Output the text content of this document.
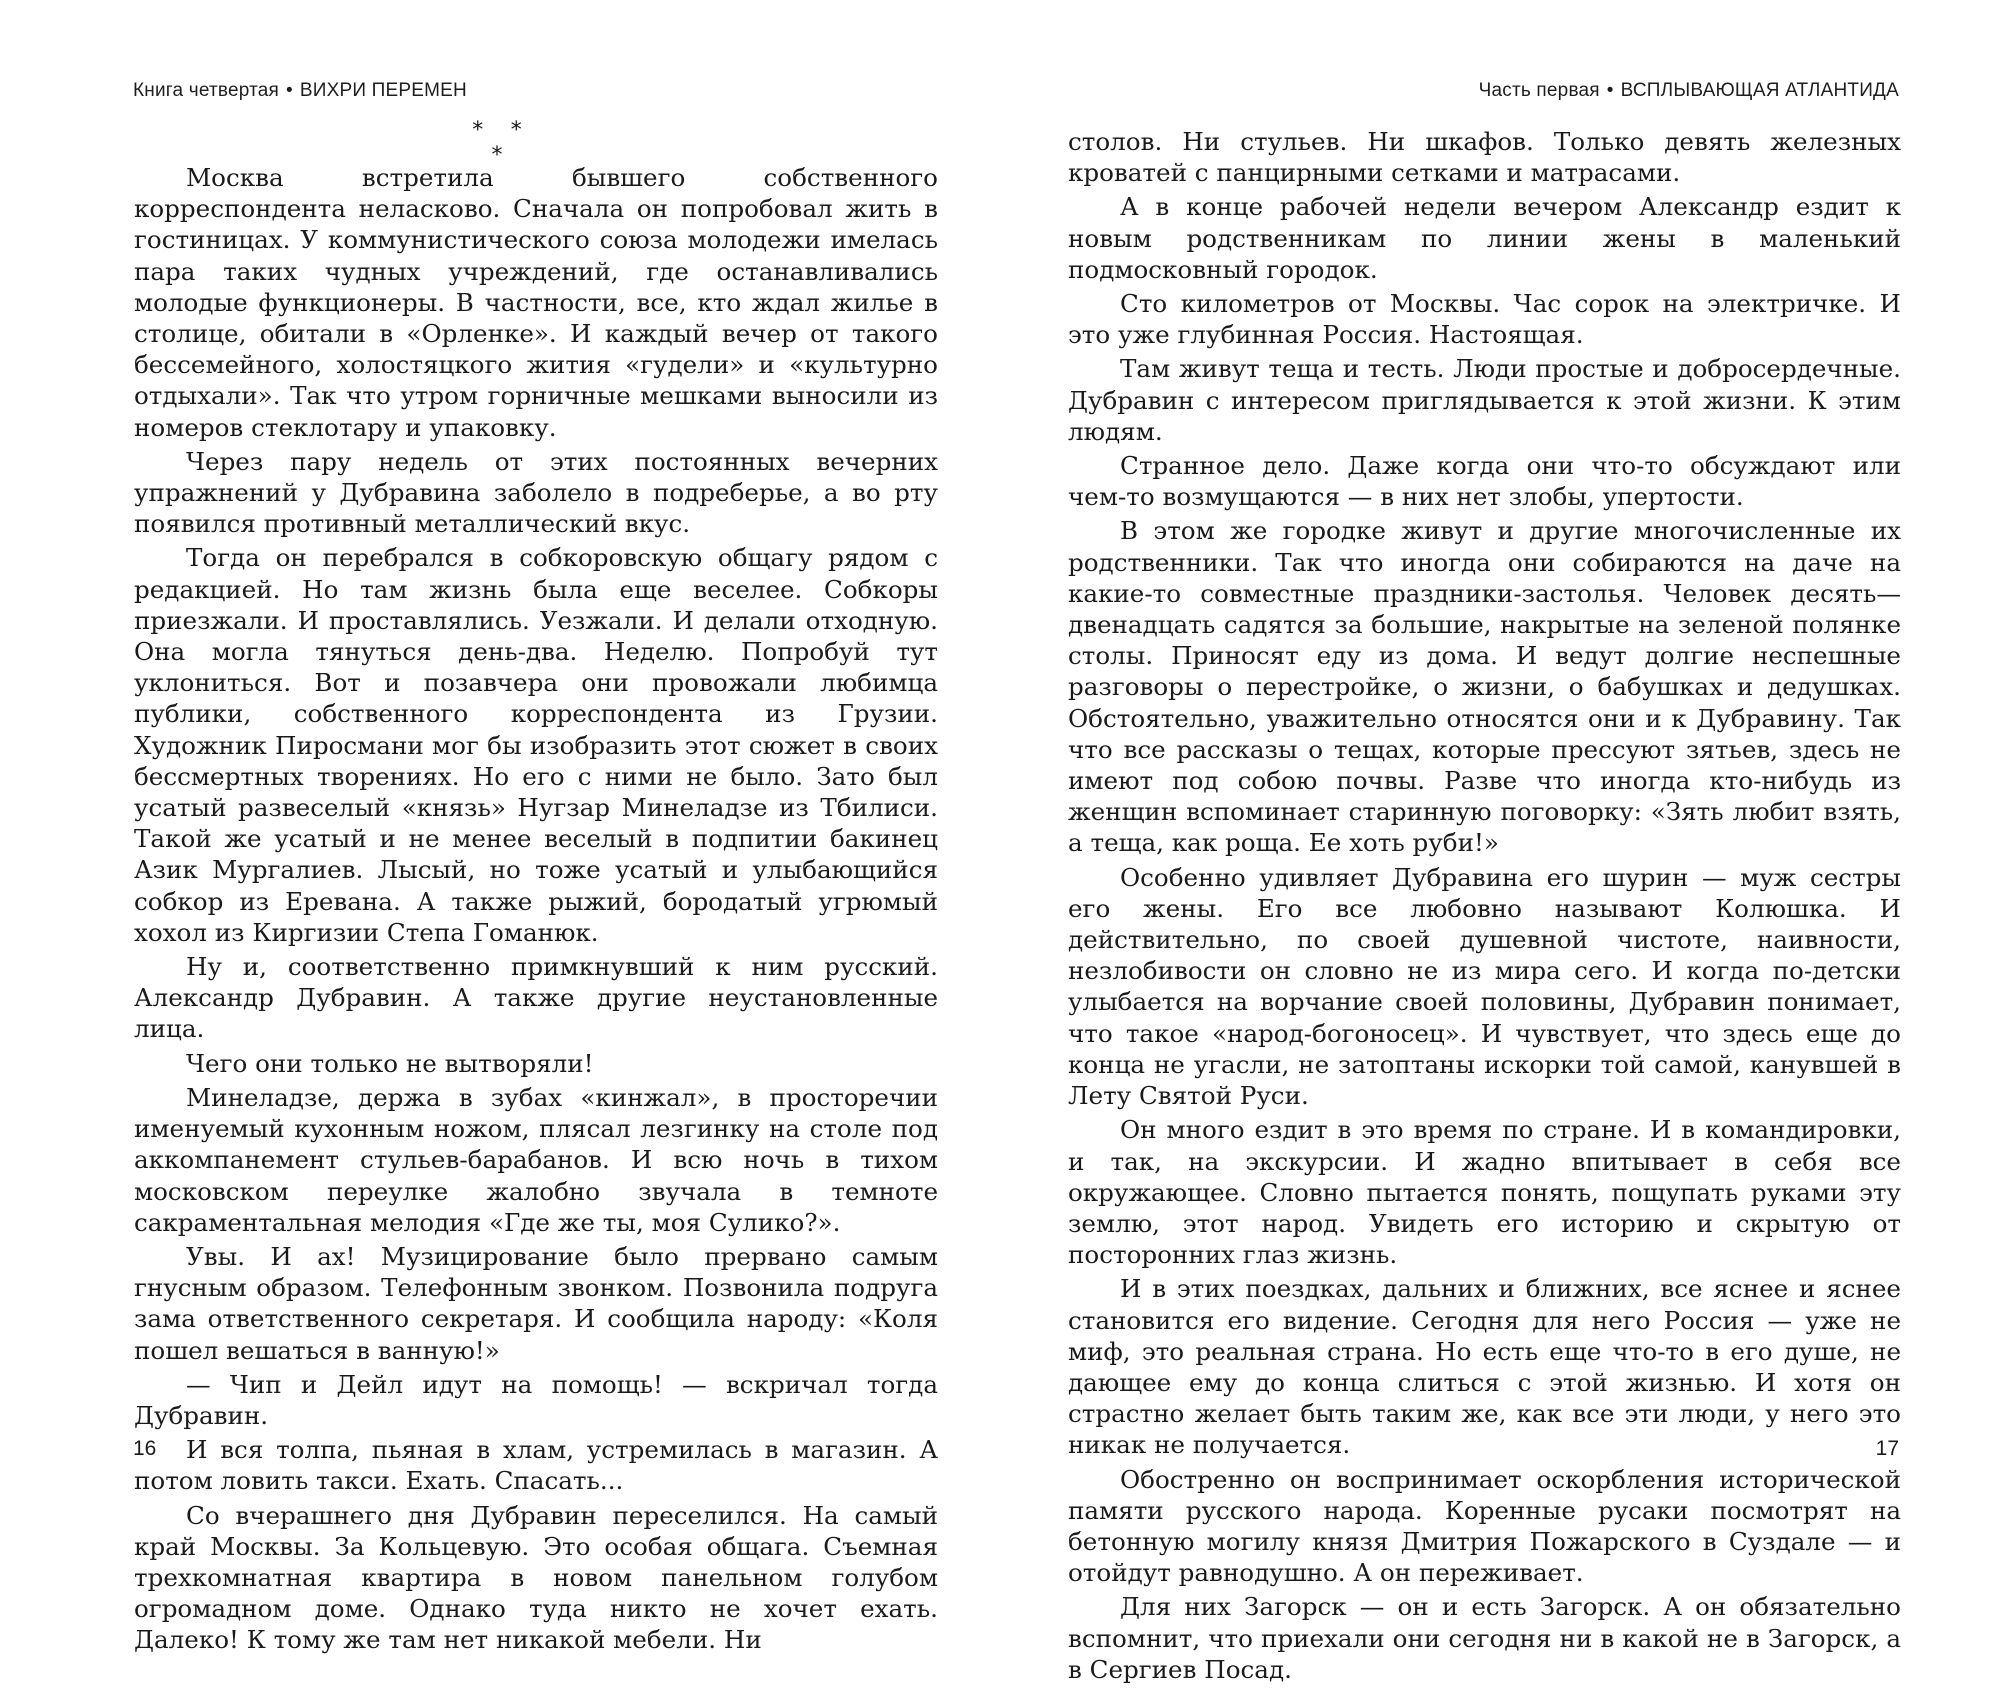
Книга четвертая • ВИХРИ ПЕРЕМЕН
* * *

Москва встретила бывшего собственного корреспондента неласково. Сначала он попробовал жить в гостиницах. У коммунистического союза молодежи имелась пара таких чудных учреждений, где останавливались молодые функционеры. В частности, все, кто ждал жилье в столице, обитали в «Орленке». И каждый вечер от такого бессемейного, холостяцкого жития «гудели» и «культурно отдыхали». Так что утром горничные мешками выносили из номеров стеклотару и упаковку.

Через пару недель от этих постоянных вечерних упражнений у Дубравина заболело в подреберье, а во рту появился противный металлический вкус.

Тогда он перебрался в собкоровскую общагу рядом с редакцией. Но там жизнь была еще веселее. Собкоры приезжали. И проставлялись. Уезжали. И делали отходную. Она могла тянуться день-два. Неделю. Попробуй тут уклониться. Вот и позавчера они провожали любимца публики, собственного корреспондента из Грузии. Художник Пиросмани мог бы изобразить этот сюжет в своих бессмертных творениях. Но его с ними не было. Зато был усатый развеселый «князь» Нугзар Минеладзе из Тбилиси. Такой же усатый и не менее веселый в подпитии бакинец Азик Мургалиев. Лысый, но тоже усатый и улыбающийся собкор из Еревана. А также рыжий, бородатый угрюмый хохол из Киргизии Степа Гоманюк.

Ну и, соответственно примкнувший к ним русский. Александр Дубравин. А также другие неустановленные лица.

Чего они только не вытворяли!

Минеладзе, держа в зубах «кинжал», в просторечии именуемый кухонным ножом, плясал лезгинку на столе под аккомпанемент стульев-барабанов. И всю ночь в тихом московском переулке жалобно звучала в темноте сакраментальная мелодия «Где же ты, моя Сулико?».

Увы. И ах! Музицирование было прервано самым гнусным образом. Телефонным звонком. Позвонила подруга зама ответственного секретаря. И сообщила народу: «Коля пошел вешаться в ванную!»

— Чип и Дейл идут на помощь! — вскричал тогда Дубравин.

И вся толпа, пьяная в хлам, устремилась в магазин. А потом ловить такси. Ехать. Спасать...

Со вчерашнего дня Дубравин переселился. На самый край Москвы. За Кольцевую. Это особая общага. Съемная трехкомнатная квартира в новом панельном голубом огромадном доме. Однако туда никто не хочет ехать. Далеко! К тому же там нет никакой мебели. Ни

16
Часть первая • ВСПЛЫВАЮЩАЯ АТЛАНТИДА

столов. Ни стульев. Ни шкафов. Только девять железных кроватей с панцирными сетками и матрасами.

А в конце рабочей недели вечером Александр ездит к новым родственникам по линии жены в маленький подмосковный городок.

Сто километров от Москвы. Час сорок на электричке. И это уже глубинная Россия. Настоящая.

Там живут теща и тесть. Люди простые и добросердечные. Дубравин с интересом приглядывается к этой жизни. К этим людям.

Странное дело. Даже когда они что-то обсуждают или чем-то возмущаются — в них нет злобы, упертости.

В этом же городке живут и другие многочисленные их родственники. Так что иногда они собираются на даче на какие-то совместные праздники-застолья. Человек десять—двенадцать садятся за большие, накрытые на зеленой полянке столы. Приносят еду из дома. И ведут долгие неспешные разговоры о перестройке, о жизни, о бабушках и дедушках. Обстоятельно, уважительно относятся они и к Дубравину. Так что все рассказы о тещах, которые прессуют зятьев, здесь не имеют под собою почвы. Разве что иногда кто-нибудь из женщин вспоминает старинную поговорку: «Зять любит взять, а теща, как роща. Ее хоть руби!»

Особенно удивляет Дубравина его шурин — муж сестры его жены. Его все любовно называют Колюшка. И действительно, по своей душевной чистоте, наивности, незлобивости он словно не из мира сего. И когда по-детски улыбается на ворчание своей половины, Дубравин понимает, что такое «народ-богоносец». И чувствует, что здесь еще до конца не угасли, не затоптаны искорки той самой, канувшей в Лету Святой Руси.

Он много ездит в это время по стране. И в командировки, и так, на экскурсии. И жадно впитывает в себя все окружающее. Словно пытается понять, пощупать руками эту землю, этот народ. Увидеть его историю и скрытую от посторонних глаз жизнь.

И в этих поездках, дальних и ближних, все яснее и яснее становится его видение. Сегодня для него Россия — уже не миф, это реальная страна. Но есть еще что-то в его душе, не дающее ему до конца слиться с этой жизнью. И хотя он страстно желает быть таким же, как все эти люди, у него это никак не получается.

Обостренно он воспринимает оскорбления исторической памяти русского народа. Коренные русаки посмотрят на бетонную могилу князя Дмитрия Пожарского в Суздале — и отойдут равнодушно. А он переживает.

Для них Загорск — он и есть Загорск. А он обязательно вспомнит, что приехали они сегодня ни в какой не в Загорск, а в Сергиев Посад.

17
